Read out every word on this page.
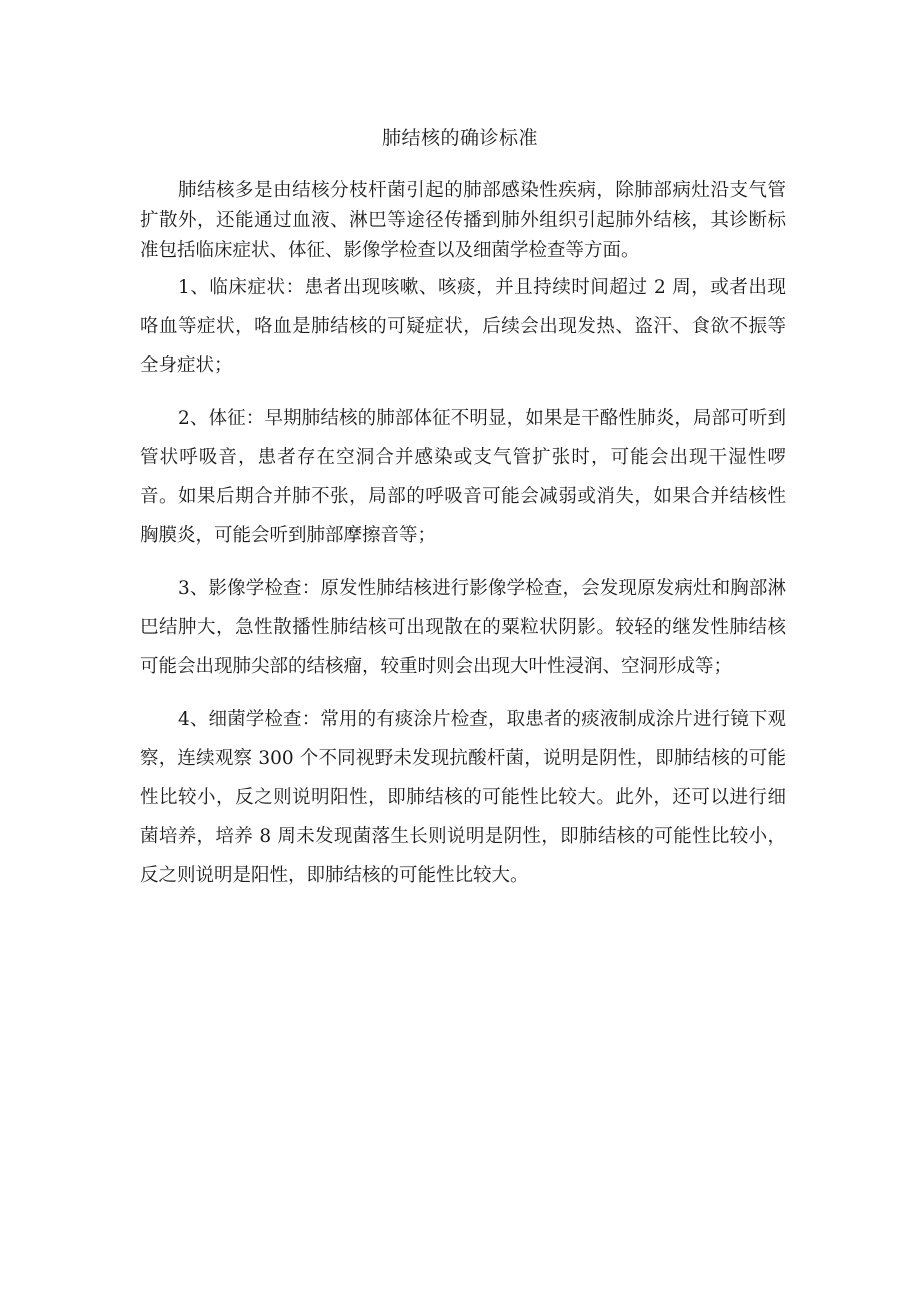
肺结核的确诊标准

肺结核多是由结核分枝杆菌引起的肺部感染性疾病，除肺部病灶沿支气管扩散外，还能通过血液、淋巴等途径传播到肺外组织引起肺外结核，其诊断标准包括临床症状、体征、影像学检查以及细菌学检查等方面。

1、临床症状：患者出现咳嗽、咳痰，并且持续时间超过 2 周，或者出现咯血等症状，咯血是肺结核的可疑症状，后续会出现发热、盗汗、食欲不振等全身症状；

2、体征：早期肺结核的肺部体征不明显，如果是干酪性肺炎，局部可听到管状呼吸音，患者存在空洞合并感染或支气管扩张时，可能会出现干湿性啰音。如果后期合并肺不张，局部的呼吸音可能会减弱或消失，如果合并结核性胸膜炎，可能会听到肺部摩擦音等；

3、影像学检查：原发性肺结核进行影像学检查，会发现原发病灶和胸部淋巴结肿大，急性散播性肺结核可出现散在的粟粒状阴影。较轻的继发性肺结核可能会出现肺尖部的结核瘤，较重时则会出现大叶性浸润、空洞形成等；

4、细菌学检查：常用的有痰涂片检查，取患者的痰液制成涂片进行镜下观察，连续观察 300 个不同视野未发现抗酸杆菌，说明是阴性，即肺结核的可能性比较小，反之则说明阳性，即肺结核的可能性比较大。此外，还可以进行细菌培养，培养 8 周未发现菌落生长则说明是阴性，即肺结核的可能性比较小，反之则说明是阳性，即肺结核的可能性比较大。
